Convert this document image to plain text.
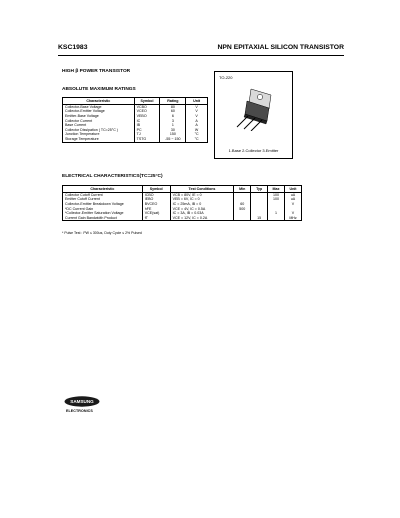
KSC1983	NPN EPITAXIAL SILICON TRANSISTOR
HIGH β POWER TRANSISTOR
ABSOLUTE MAXIMUM RATINGS
Characteristic	Symbol	Rating	Unit
Collector-Base Voltage	VCBO	80	V
Collector-Emitter Voltage	VCEO	60	V
Emitter-Base Voltage	VEBO	6	V
Collector Current	IC	3	A
Base Current	IB	1	A
Collector Dissipation ( TC=25°C )	PC	30	W
Junction Temperature	TJ	150	°C
Storage Temperature	TSTG	-55 ~ 150	°C
TO-220
1.Base 2.Collector 3.Emitter
ELECTRICAL CHARACTERISTICS(TC=25°C)
Characteristic	Symbol	Test Conditions	Min	Typ	Max	Unit
Collector Cutoff Current	ICBO	VCB = 80V, IE = 0			100	uA
Emitter Cutoff Current	IEBO	VEB = 6V, IC = 0			100	uA
Collector-Emitter Breakdown Voltage	BVCEO	IC = 25mA, IB = 0	60			V
*DC Current Gain	hFE	VCE = 4V, IC = 0.5A	500			
*Collector-Emitter Saturation Voltage	VCE(sat)	IC = 3A, IB = 0.03A			1	V
Current Gain Bandwidth Product	fT	VCE = 12V, IC = 0.2A		15		MHz
* Pulse Test : PW ≤ 300us, Duty Cycle ≤ 2% Pulsed
SAMSUNG
ELECTRONICS
